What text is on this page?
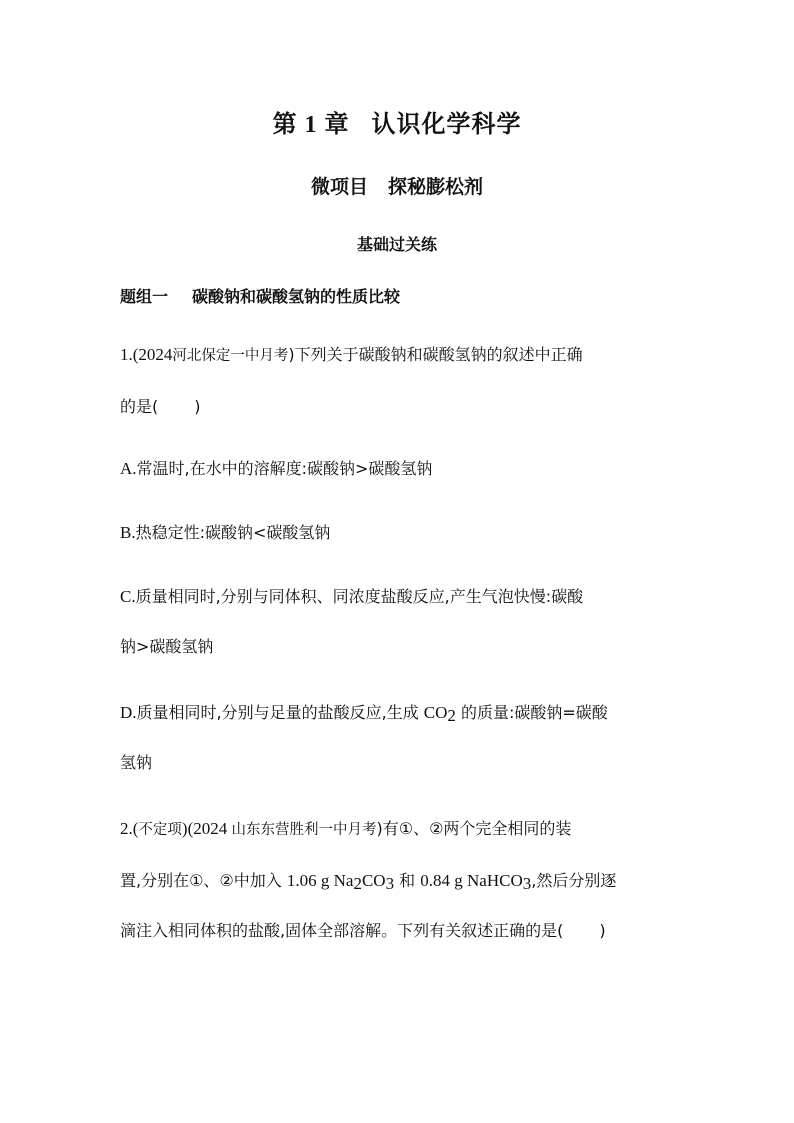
第 1 章 认识化学科学
微项目 探秘膨松剂
基础过关练
题组一 碳酸钠和碳酸氢钠的性质比较
1.(2024河北保定一中月考)下列关于碳酸钠和碳酸氢钠的叙述中正确
的是( )
A.常温时,在水中的溶解度:碳酸钠>碳酸氢钠
B.热稳定性:碳酸钠<碳酸氢钠
C.质量相同时,分别与同体积、同浓度盐酸反应,产生气泡快慢:碳酸
钠>碳酸氢钠
D.质量相同时,分别与足量的盐酸反应,生成 $CO_2$ 的质量:碳酸钠=碳酸
氢钠
2.(不定项)(2024 山东东营胜利一中月考)有①、②两个完全相同的装
置,分别在①、②中加入 1.06 g $Na_2CO_3$ 和 0.84 g NaHCO$_3$,然后分别逐
滴注入相同体积的盐酸,固体全部溶解。下列有关叙述正确的是( )
